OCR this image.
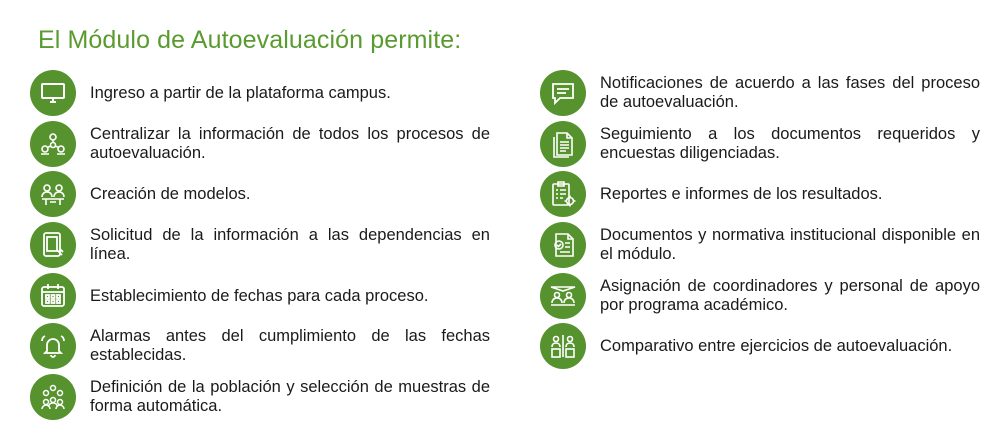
El Módulo de Autoevaluación permite:
Ingreso a partir de la plataforma campus.
Centralizar la información de todos los procesos de autoevaluación.
Creación de modelos.
Solicitud de la información a las dependencias en línea.
Establecimiento de fechas para cada proceso.
Alarmas antes del cumplimiento de las fechas establecidas.
Definición de la población y selección de muestras de forma automática.
Notificaciones de acuerdo a las fases del proceso de autoevaluación.
Seguimiento a los documentos requeridos y encuestas diligenciadas.
Reportes e informes de los resultados.
Documentos y normativa institucional disponible en el módulo.
Asignación de coordinadores y personal de apoyo por programa académico.
Comparativo entre ejercicios de autoevaluación.
